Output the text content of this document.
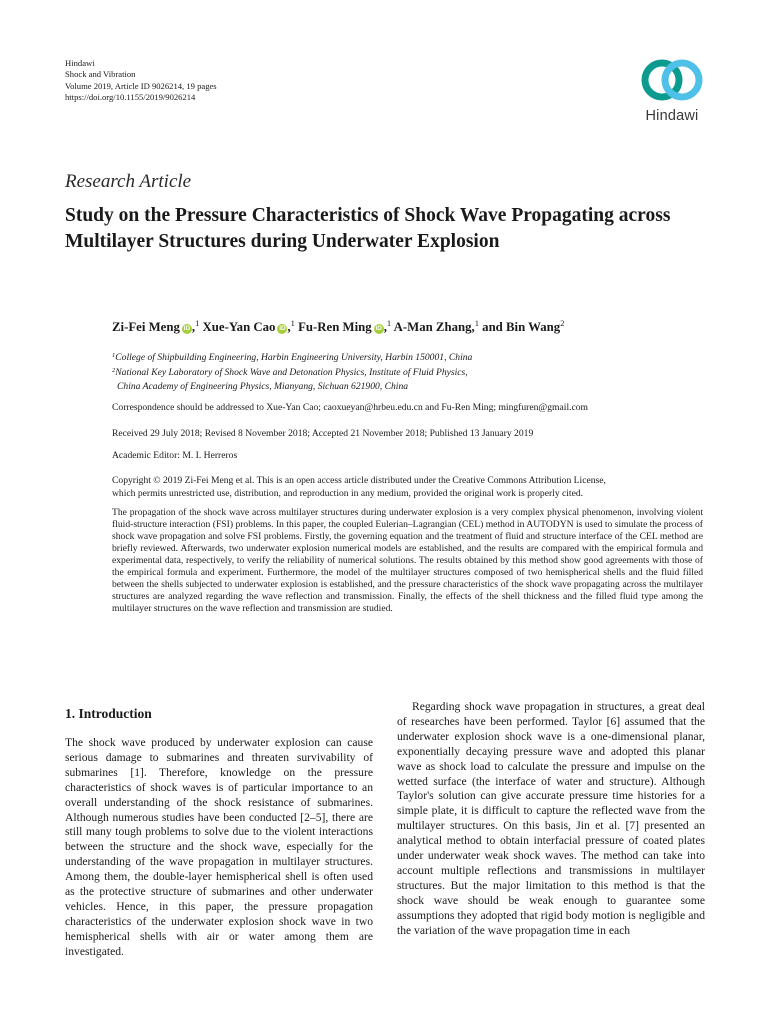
Hindawi
Shock and Vibration
Volume 2019, Article ID 9026214, 19 pages
https://doi.org/10.1155/2019/9026214
Hindawi
Research Article
Study on the Pressure Characteristics of Shock Wave Propagating across Multilayer Structures during Underwater Explosion
Zi-Fei Meng iD ,$^1$ Xue-Yan Cao iD ,$^1$ Fu-Ren Ming iD ,$^1$ A-Man Zhang,$^1$ and Bin Wang$^2$
$^1$College of Shipbuilding Engineering, Harbin Engineering University, Harbin 150001, China
$^2$National Key Laboratory of Shock Wave and Detonation Physics, Institute of Fluid Physics,
China Academy of Engineering Physics, Mianyang, Sichuan 621900, China
Correspondence should be addressed to Xue-Yan Cao; caoxueyan@hrbeu.edu.cn and Fu-Ren Ming; mingfuren@gmail.com
Received 29 July 2018; Revised 8 November 2018; Accepted 21 November 2018; Published 13 January 2019
Academic Editor: M. I. Herreros
Copyright © 2019 Zi-Fei Meng et al. This is an open access article distributed under the Creative Commons Attribution License,
which permits unrestricted use, distribution, and reproduction in any medium, provided the original work is properly cited.
The propagation of the shock wave across multilayer structures during underwater explosion is a very complex physical phenomenon, involving violent fluid-structure interaction (FSI) problems. In this paper, the coupled Eulerian–Lagrangian (CEL) method in AUTODYN is used to simulate the process of shock wave propagation and solve FSI problems. Firstly, the governing equation and the treatment of fluid and structure interface of the CEL method are briefly reviewed. Afterwards, two underwater explosion numerical models are established, and the results are compared with the empirical formula and experimental data, respectively, to verify the reliability of numerical solutions. The results obtained by this method show good agreements with those of the empirical formula and experiment. Furthermore, the model of the multilayer structures composed of two hemispherical shells and the fluid filled between the shells subjected to underwater explosion is established, and the pressure characteristics of the shock wave propagating across the multilayer structures are analyzed regarding the wave reflection and transmission. Finally, the effects of the shell thickness and the filled fluid type among the multilayer structures on the wave reflection and transmission are studied.
1. Introduction
The shock wave produced by underwater explosion can cause serious damage to submarines and threaten survivability of submarines [1]. Therefore, knowledge on the pressure characteristics of shock waves is of particular importance to an overall understanding of the shock resistance of submarines. Although numerous studies have been conducted [2–5], there are still many tough problems to solve due to the violent interactions between the structure and the shock wave, especially for the understanding of the wave propagation in multilayer structures. Among them, the double-layer hemispherical shell is often used as the protective structure of submarines and other underwater vehicles. Hence, in this paper, the pressure propagation characteristics of the underwater explosion shock wave in two hemispherical shells with air or water among them are investigated.
Regarding shock wave propagation in structures, a great deal of researches have been performed. Taylor [6] assumed that the underwater explosion shock wave is a one-dimensional planar, exponentially decaying pressure wave and adopted this planar wave as shock load to calculate the pressure and impulse on the wetted surface (the interface of water and structure). Although Taylor's solution can give accurate pressure time histories for a simple plate, it is difficult to capture the reflected wave from the multilayer structures. On this basis, Jin et al. [7] presented an analytical method to obtain interfacial pressure of coated plates under underwater weak shock waves. The method can take into account multiple reflections and transmissions in multilayer structures. But the major limitation to this method is that the shock wave should be weak enough to guarantee some assumptions they adopted that rigid body motion is negligible and the variation of the wave propagation time in each
